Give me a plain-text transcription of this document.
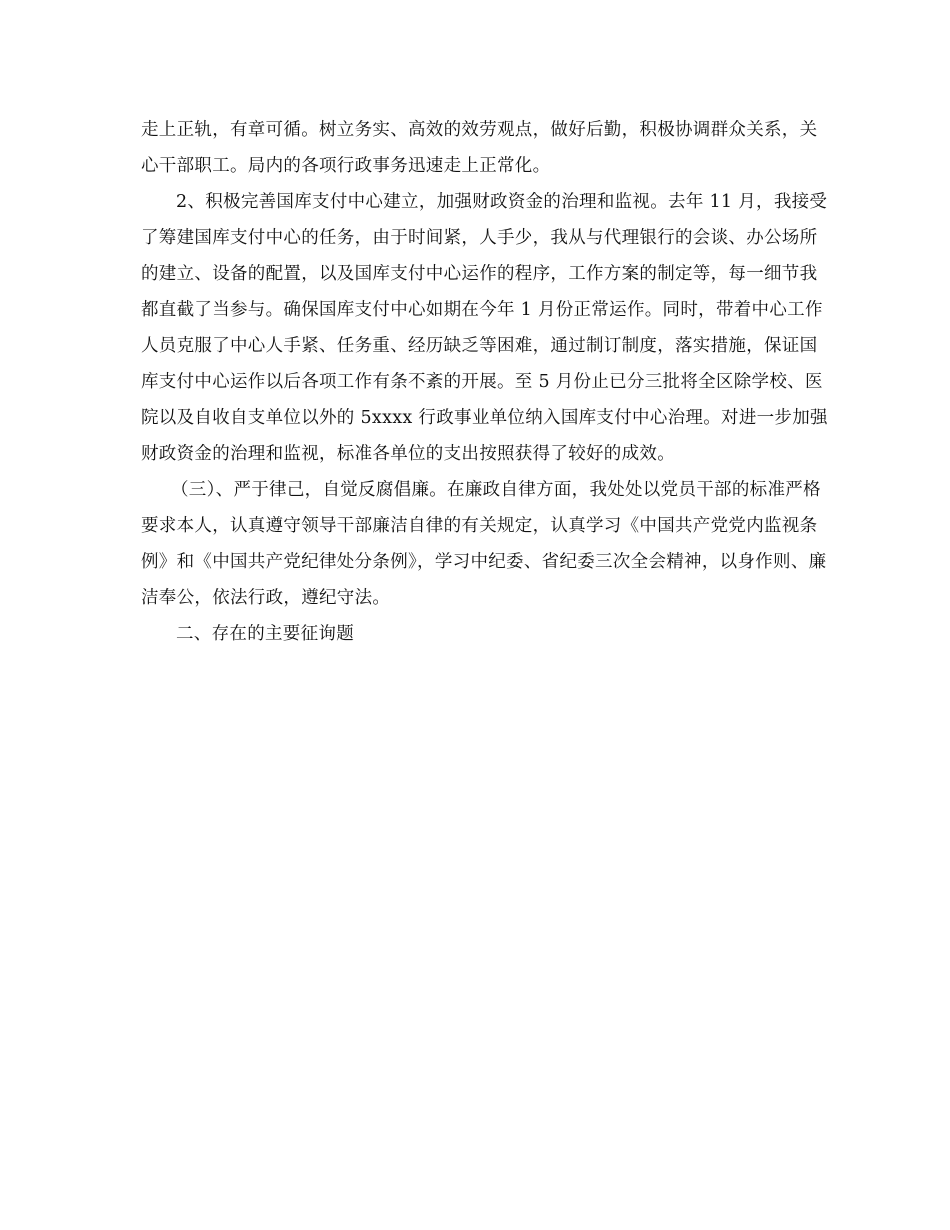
走上正轨，有章可循。树立务实、高效的效劳观点，做好后勤，积极协调群众关系，关心干部职工。局内的各项行政事务迅速走上正常化。

2、积极完善国库支付中心建立，加强财政资金的治理和监视。去年 11 月，我接受了筹建国库支付中心的任务，由于时间紧，人手少，我从与代理银行的会谈、办公场所的建立、设备的配置，以及国库支付中心运作的程序，工作方案的制定等，每一细节我都直截了当参与。确保国库支付中心如期在今年 1 月份正常运作。同时，带着中心工作人员克服了中心人手紧、任务重、经历缺乏等困难，通过制订制度，落实措施，保证国库支付中心运作以后各项工作有条不紊的开展。至 5 月份止已分三批将全区除学校、医院以及自收自支单位以外的 5xxxx 行政事业单位纳入国库支付中心治理。对进一步加强财政资金的治理和监视，标准各单位的支出按照获得了较好的成效。

（三）、严于律己，自觉反腐倡廉。在廉政自律方面，我处处以党员干部的标准严格要求本人，认真遵守领导干部廉洁自律的有关规定，认真学习《中国共产党党内监视条例》和《中国共产党纪律处分条例》，学习中纪委、省纪委三次全会精神，以身作则、廉洁奉公，依法行政，遵纪守法。

二、存在的主要征询题
